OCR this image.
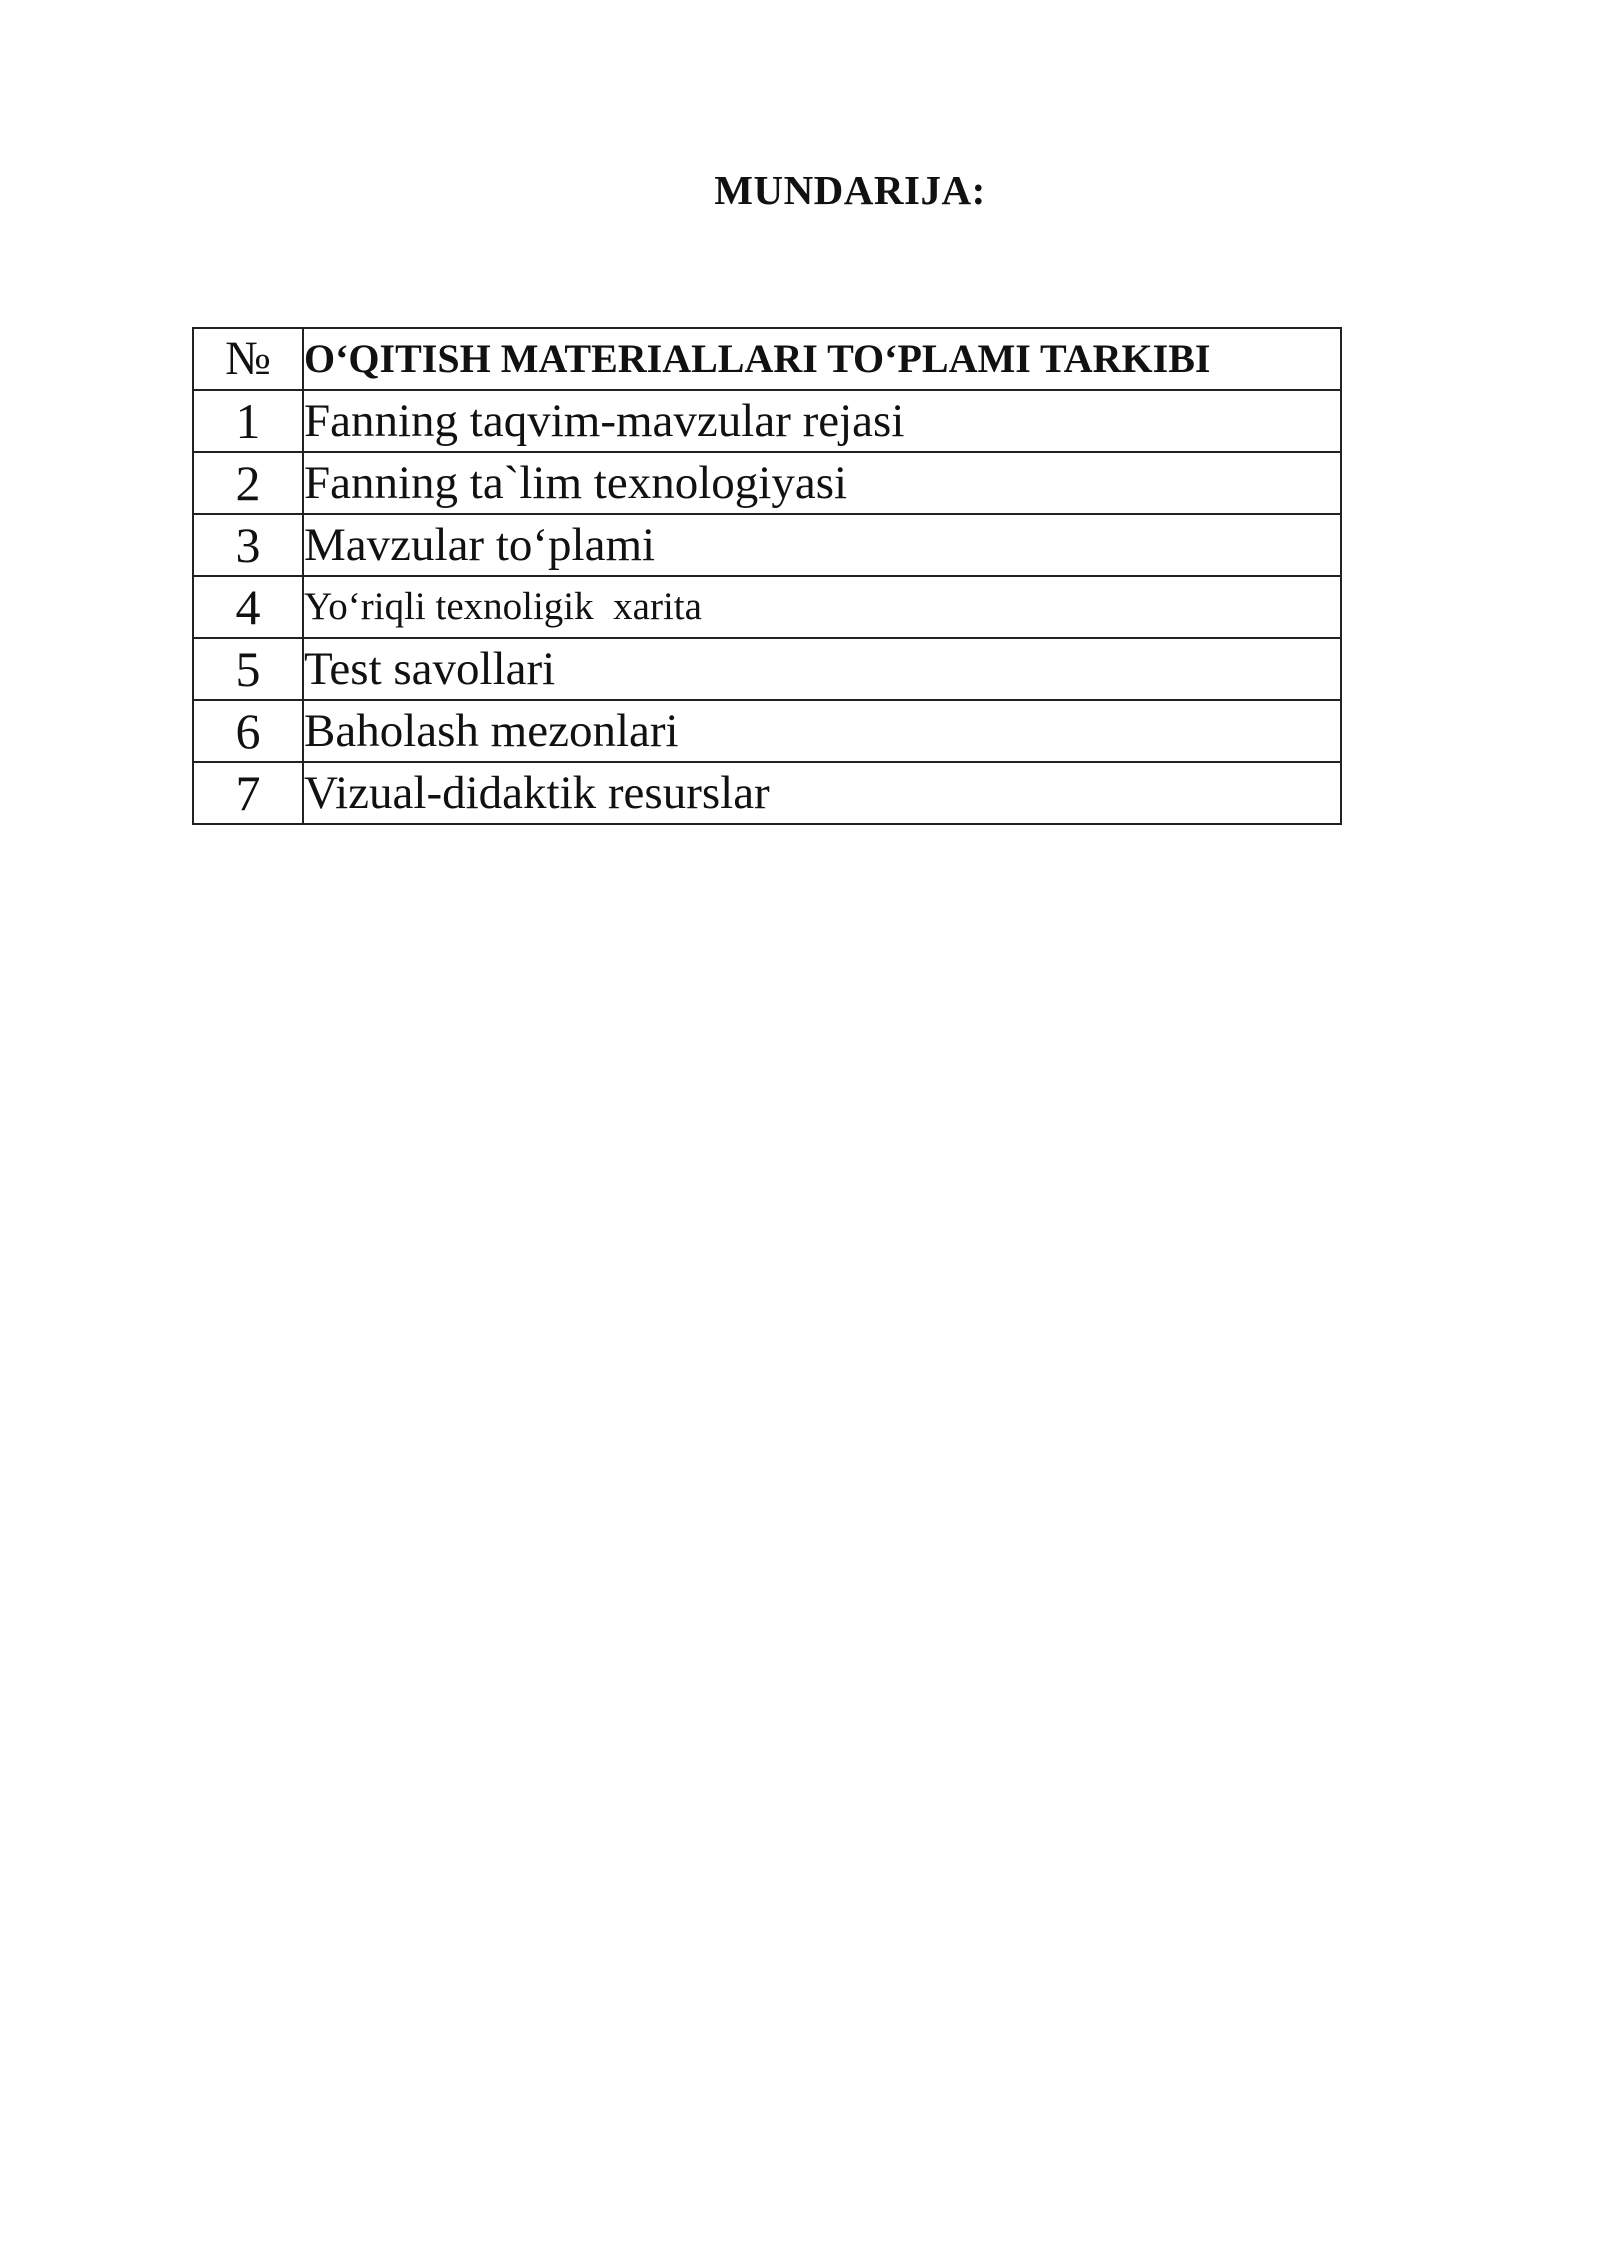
MUNDARIJA:
№	O‘QITISH MATERIALLARI TO‘PLAMI TARKIBI
1	Fanning taqvim-mavzular rejasi
2	Fanning ta`lim texnologiyasi
3	Mavzular to‘plami
4	Yo‘riqli texnoligik  xarita
5	Test savollari
6	Baholash mezonlari
7	Vizual-didaktik resurslar
